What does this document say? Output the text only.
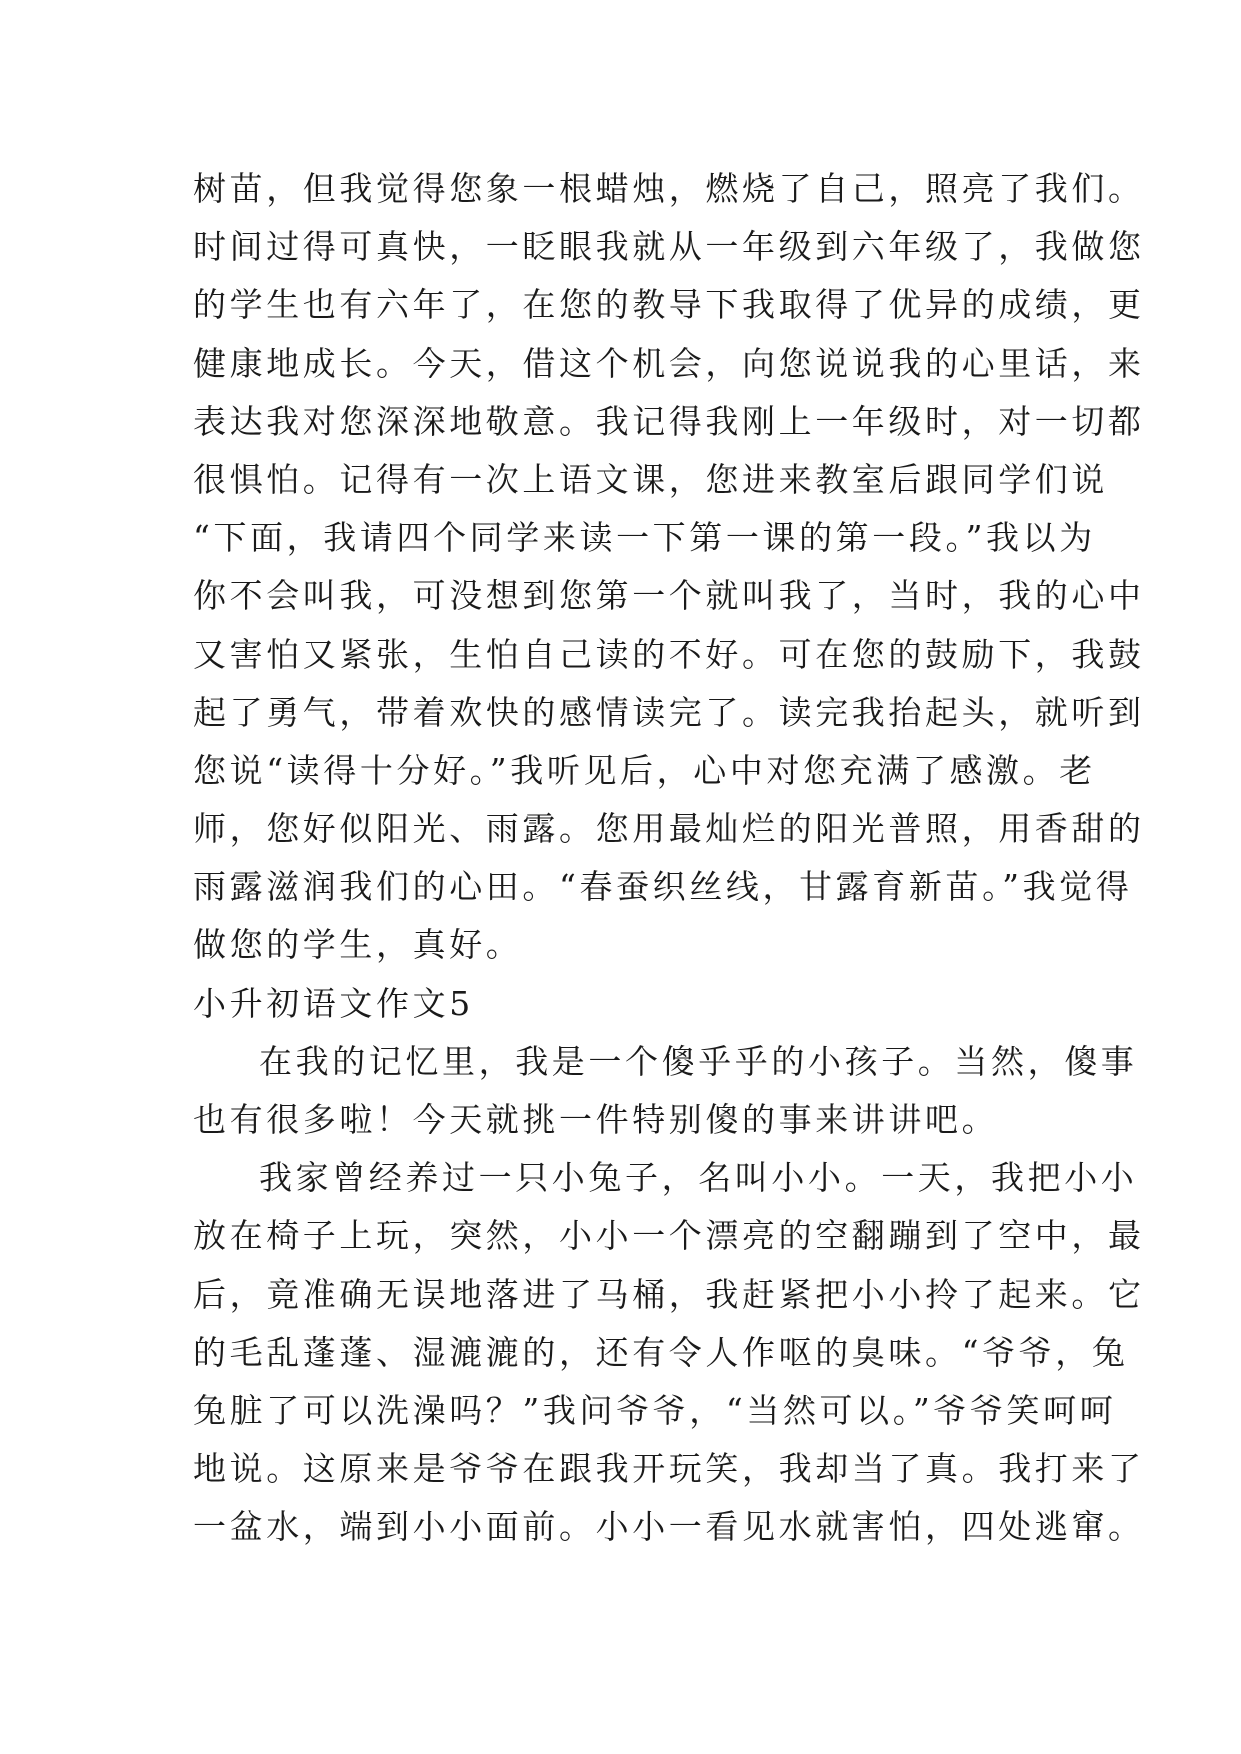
树苗，但我觉得您象一根蜡烛，燃烧了自己，照亮了我们。
时间过得可真快，一眨眼我就从一年级到六年级了，我做您
的学生也有六年了，在您的教导下我取得了优异的成绩，更
健康地成长。今天，借这个机会，向您说说我的心里话，来
表达我对您深深地敬意。我记得我刚上一年级时，对一切都
很惧怕。记得有一次上语文课，您进来教室后跟同学们说
“下面，我请四个同学来读一下第一课的第一段。”我以为
你不会叫我，可没想到您第一个就叫我了，当时，我的心中
又害怕又紧张，生怕自己读的不好。可在您的鼓励下，我鼓
起了勇气，带着欢快的感情读完了。读完我抬起头，就听到
您说“读得十分好。”我听见后，心中对您充满了感激。老
师，您好似阳光、雨露。您用最灿烂的阳光普照，用香甜的
雨露滋润我们的心田。“春蚕织丝线，甘露育新苗。”我觉得
做您的学生，真好。
小升初语文作文5
在我的记忆里，我是一个傻乎乎的小孩子。当然，傻事
也有很多啦！今天就挑一件特别傻的事来讲讲吧。
我家曾经养过一只小兔子，名叫小小。一天，我把小小
放在椅子上玩，突然，小小一个漂亮的空翻蹦到了空中，最
后，竟准确无误地落进了马桶，我赶紧把小小拎了起来。它
的毛乱蓬蓬、湿漉漉的，还有令人作呕的臭味。“爷爷，兔
兔脏了可以洗澡吗？”我问爷爷，“当然可以。”爷爷笑呵呵
地说。这原来是爷爷在跟我开玩笑，我却当了真。我打来了
一盆水，端到小小面前。小小一看见水就害怕，四处逃窜。
